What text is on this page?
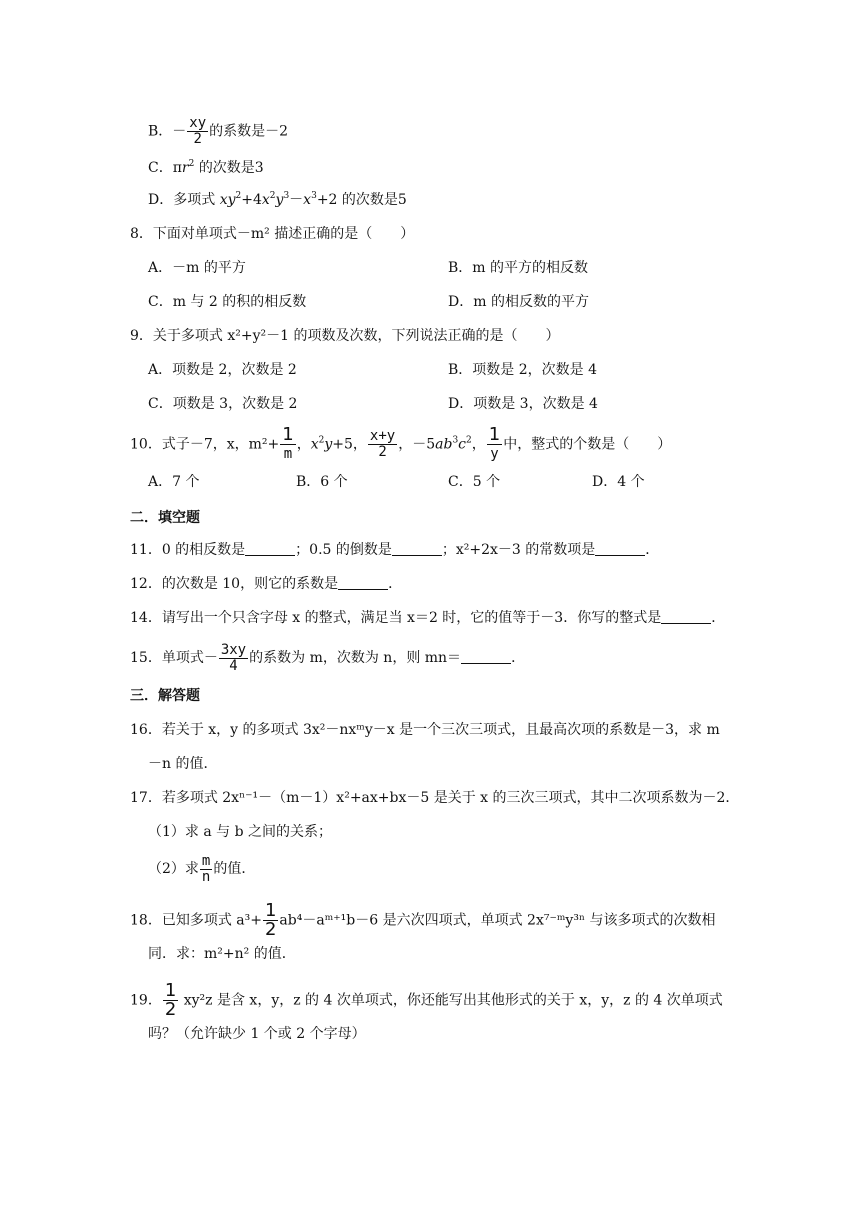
B．－ $\frac{xy}{2}$ 的系数是－2
C．$\pi r^2$ 的次数是3
D．多项式 $xy^2+4x^2y^3-x^3+2$ 的次数是5
8．下面对单项式－m² 描述正确的是（　　）
A．－m 的平方	B．m 的平方的相反数
C．m 与 2 的积的相反数	D．m 的相反数的平方
9．关于多项式 x²+y²－1 的项数及次数，下列说法正确的是（　　）
A．项数是 2，次数是 2	B．项数是 2，次数是 4
C．项数是 3，次数是 2	D．项数是 3，次数是 4
10．式子－7，x，m²+ 1
m
，$x^2y+5$， $\frac{x+y}{2}$ ，$-5ab^3c^2$， 1
y
中，整式的个数是（　　）
A．7 个	B．6 个	C．5 个	D．4 个
二．填空题
11．0 的相反数是	；0.5 的倒数是	；x²+2x－3 的常数项是	．
12．的次数是 10，则它的系数是	．
14．请写出一个只含字母 x 的整式，满足当 x＝2 时，它的值等于－3．你写的整式是	．
15．单项式－ $\frac{3xy}{4}$ 的系数为 m，次数为 n，则 mn＝	．
三．解答题
16．若关于 x，y 的多项式 3x²－nxᵐy－x 是一个三次三项式，且最高次项的系数是－3，求 m
－n 的值．
17．若多项式 2xⁿ⁻¹－（m－1）x²+ax+bx－5 是关于 x 的三次三项式，其中二次项系数为－2．
（1）求 a 与 b 之间的关系；
（2）求 $\frac{m}{n}$ 的值．
18．已知多项式 $a^3+ \frac{1}{2}$ ab⁴－aᵐ⁺¹b－6 是六次四项式，单项式 2x⁷⁻ᵐy³ⁿ 与该多项式的次数相
同．求：m²+n² 的值．
19． $\frac{1}{2} xy^2z$ 是含 x，y，z 的 4 次单项式，你还能写出其他形式的关于 x，y，z 的 4 次单项式
吗？（允许缺少 1 个或 2 个字母）
